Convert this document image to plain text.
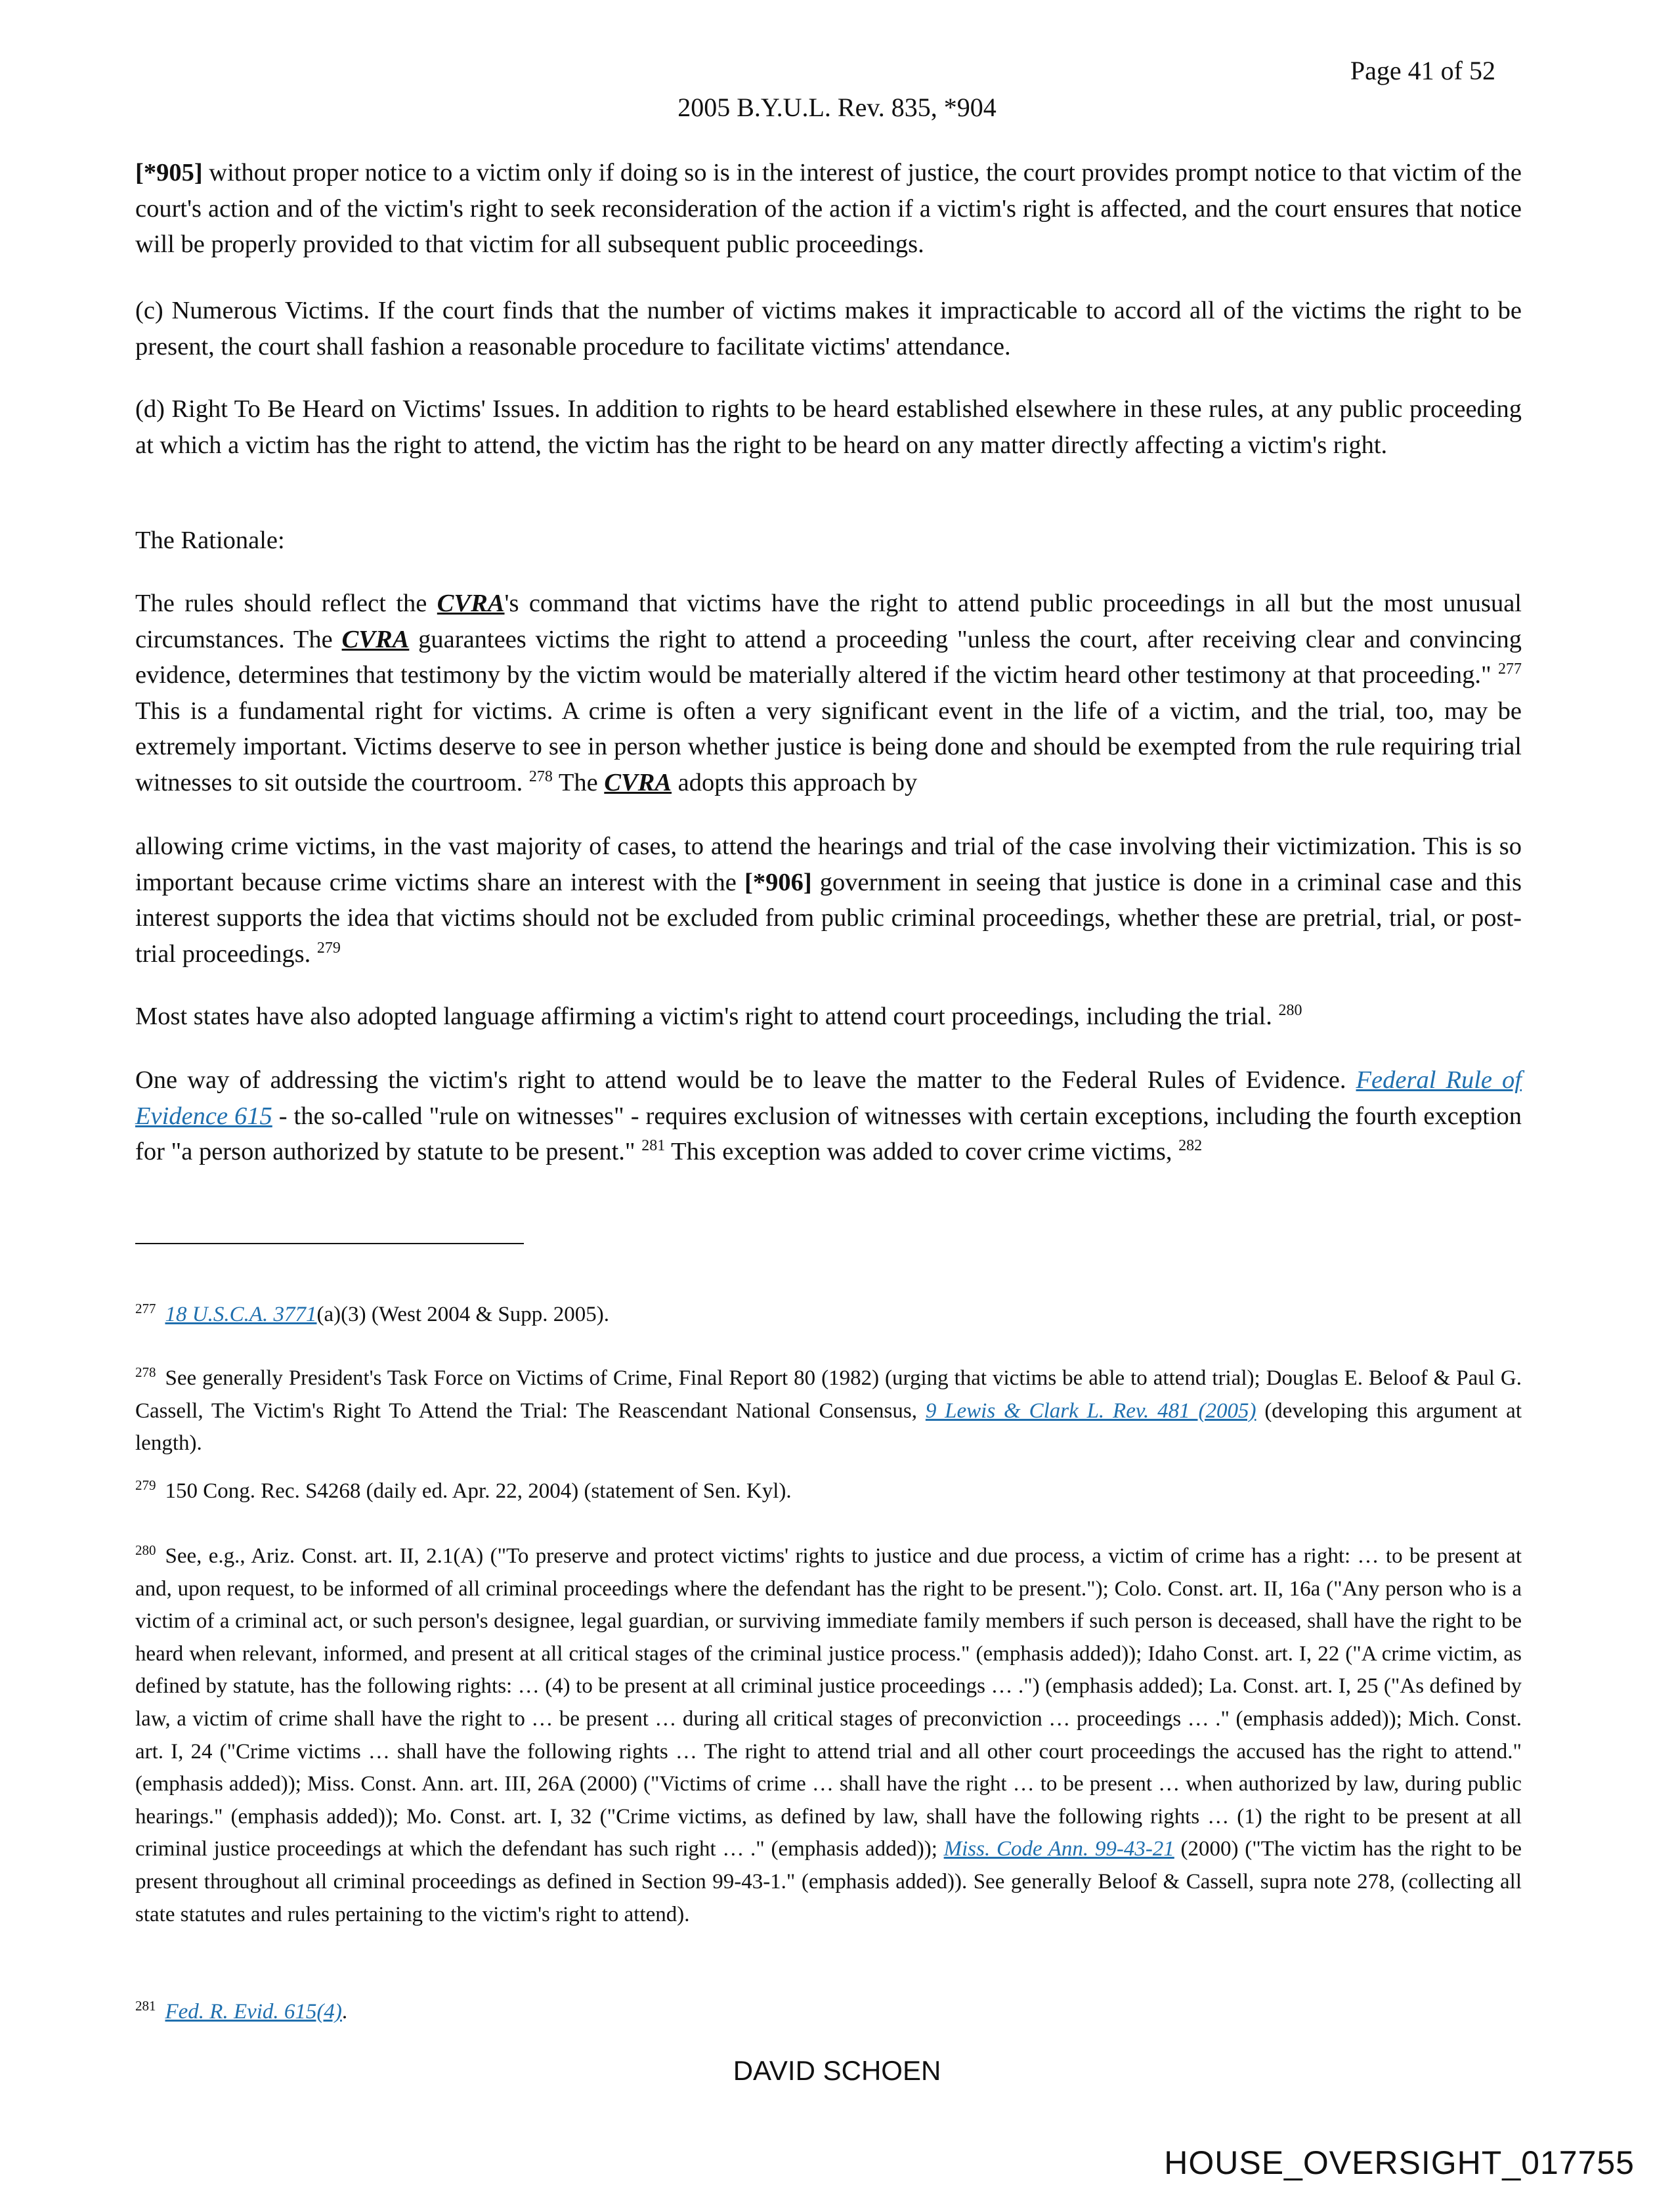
Page 41 of 52
2005 B.Y.U.L. Rev. 835, *904
[*905] without proper notice to a victim only if doing so is in the interest of justice, the court provides prompt notice to that victim of the court's action and of the victim's right to seek reconsideration of the action if a victim's right is affected, and the court ensures that notice will be properly provided to that victim for all subsequent public proceedings.
(c) Numerous Victims. If the court finds that the number of victims makes it impracticable to accord all of the victims the right to be present, the court shall fashion a reasonable procedure to facilitate victims' attendance.
(d) Right To Be Heard on Victims' Issues. In addition to rights to be heard established elsewhere in these rules, at any public proceeding at which a victim has the right to attend, the victim has the right to be heard on any matter directly affecting a victim's right.
The Rationale:
The rules should reflect the CVRA's command that victims have the right to attend public proceedings in all but the most unusual circumstances. The CVRA guarantees victims the right to attend a proceeding "unless the court, after receiving clear and convincing evidence, determines that testimony by the victim would be materially altered if the victim heard other testimony at that proceeding." $^{277}$ This is a fundamental right for victims. A crime is often a very significant event in the life of a victim, and the trial, too, may be extremely important. Victims deserve to see in person whether justice is being done and should be exempted from the rule requiring trial witnesses to sit outside the courtroom. $^{278}$ The CVRA adopts this approach by
allowing crime victims, in the vast majority of cases, to attend the hearings and trial of the case involving their victimization. This is so important because crime victims share an interest with the [*906] government in seeing that justice is done in a criminal case and this interest supports the idea that victims should not be excluded from public criminal proceedings, whether these are pretrial, trial, or post-trial proceedings. $^{279}$
Most states have also adopted language affirming a victim's right to attend court proceedings, including the trial. $^{280}$
One way of addressing the victim's right to attend would be to leave the matter to the Federal Rules of Evidence. Federal Rule of Evidence 615 - the so-called "rule on witnesses" - requires exclusion of witnesses with certain exceptions, including the fourth exception for "a person authorized by statute to be present." $^{281}$ This exception was added to cover crime victims, $^{282}$
$^{277}$ 18 U.S.C.A. 3771(a)(3) (West 2004 & Supp. 2005).
$^{278}$ See generally President's Task Force on Victims of Crime, Final Report 80 (1982) (urging that victims be able to attend trial); Douglas E. Beloof & Paul G. Cassell, The Victim's Right To Attend the Trial: The Reascendant National Consensus, 9 Lewis & Clark L. Rev. 481 (2005) (developing this argument at length).
$^{279}$ 150 Cong. Rec. S4268 (daily ed. Apr. 22, 2004) (statement of Sen. Kyl).
$^{280}$ See, e.g., Ariz. Const. art. II, 2.1(A) ("To preserve and protect victims' rights to justice and due process, a victim of crime has a right: … to be present at and, upon request, to be informed of all criminal proceedings where the defendant has the right to be present."); Colo. Const. art. II, 16a ("Any person who is a victim of a criminal act, or such person's designee, legal guardian, or surviving immediate family members if such person is deceased, shall have the right to be heard when relevant, informed, and present at all critical stages of the criminal justice process." (emphasis added)); Idaho Const. art. I, 22 ("A crime victim, as defined by statute, has the following rights: … (4) to be present at all criminal justice proceedings … .") (emphasis added); La. Const. art. I, 25 ("As defined by law, a victim of crime shall have the right to … be present … during all critical stages of preconviction … proceedings … ." (emphasis added)); Mich. Const. art. I, 24 ("Crime victims … shall have the following rights … The right to attend trial and all other court proceedings the accused has the right to attend." (emphasis added)); Miss. Const. Ann. art. III, 26A (2000) ("Victims of crime … shall have the right … to be present … when authorized by law, during public hearings." (emphasis added)); Mo. Const. art. I, 32 ("Crime victims, as defined by law, shall have the following rights … (1) the right to be present at all criminal justice proceedings at which the defendant has such right … ." (emphasis added)); Miss. Code Ann. 99-43-21 (2000) ("The victim has the right to be present throughout all criminal proceedings as defined in Section 99-43-1." (emphasis added)). See generally Beloof & Cassell, supra note 278, (collecting all state statutes and rules pertaining to the victim's right to attend).
$^{281}$ Fed. R. Evid. 615(4).
DAVID SCHOEN
HOUSE_OVERSIGHT_017755
